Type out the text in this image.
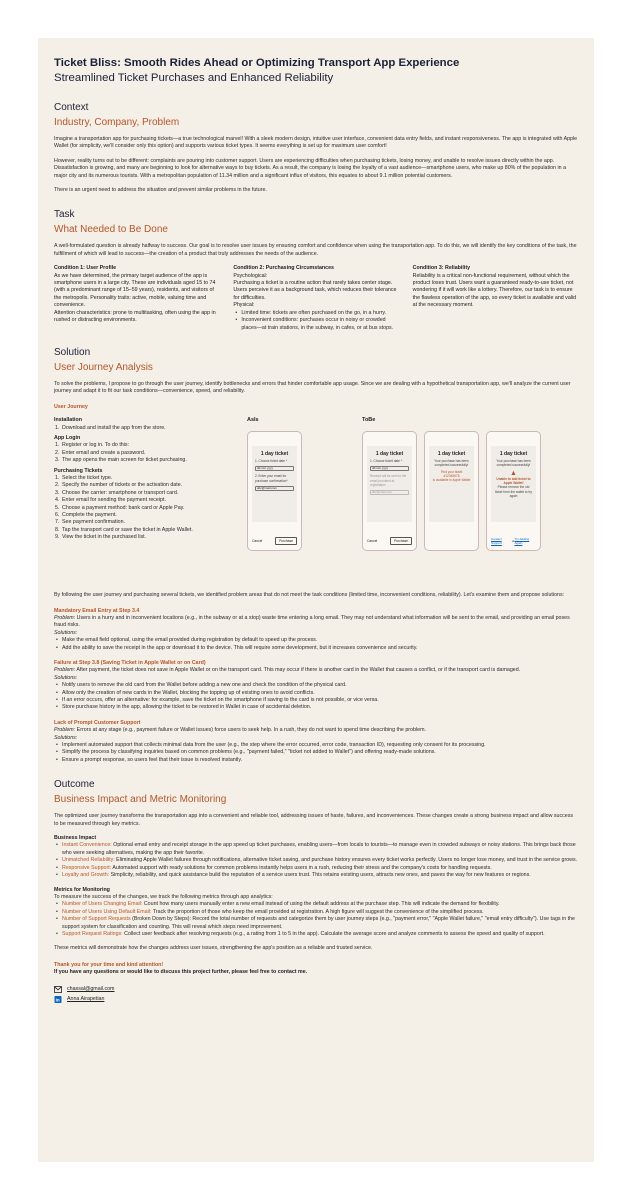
Ticket Bliss: Smooth Rides Ahead or Optimizing Transport App Experience
Streamlined Ticket Purchases and Enhanced Reliability
Context
Industry, Company, Problem
Imagine a transportation app for purchasing tickets—a true technological marvel! With a sleek modern design, intuitive user interface, convenient data entry fields, and instant responsiveness. The app is integrated with Apple Wallet (for simplicity, we'll consider only this option) and supports various ticket types. It seems everything is set up for maximum user comfort!
However, reality turns out to be different: complaints are pouring into customer support. Users are experiencing difficulties when purchasing tickets, losing money, and unable to resolve issues directly within the app. Dissatisfaction is growing, and many are beginning to look for alternative ways to buy tickets. As a result, the company is losing the loyalty of a vast audience—smartphone users, who make up 80% of the population in a major city and its numerous tourists. With a metropolitan population of 11.34 million and a significant influx of visitors, this equates to about 9.1 million potential customers.
There is an urgent need to address the situation and prevent similar problems in the future.
Task
What Needed to Be Done
A well-formulated question is already halfway to success. Our goal is to resolve user issues by ensuring comfort and confidence when using the transportation app. To do this, we will identify the key conditions of the task, the fulfillment of which will lead to success—the creation of a product that truly addresses the needs of the audience.
Condition 1: User Profile
As we have determined, the primary target audience of the app is smartphone users in a large city. These are individuals aged 15 to 74 (with a predominant range of 15–59 years), residents, and visitors of the metropolis. Personality traits: active, mobile, valuing time and convenience.
Attention characteristics: prone to multitasking, often using the app in rushed or distracting environments.
Condition 2: Purchasing Circumstances
Psychological:
Purchasing a ticket is a routine action that rarely takes center stage. Users perceive it as a background task, which reduces their tolerance for difficulties.
Physical:
• Limited time: tickets are often purchased on the go, in a hurry.
• Inconvenient conditions: purchases occur in noisy or crowded places—at train stations, in the subway, in cafes, or at bus stops.
Condition 3: Reliability
Reliability is a critical non-functional requirement, without which the product loses trust. Users want a guaranteed ready-to-use ticket, not wondering if it will work like a lottery. Therefore, our task is to ensure the flawless operation of the app, so every ticket is available and valid at the necessary moment.
Solution
User Journey Analysis
To solve the problems, I propose to go through the user journey, identify bottlenecks and errors that hinder comfortable app usage. Since we are dealing with a hypothetical transportation app, we'll analyze the current user journey and adapt it to fit our task conditions—convenience, speed, and reliability.
User Journey
Installation
1. Download and install the app from the store.
App Login
1. Register or log in. To do this:
2. Enter email and create a password.
3. The app opens the main screen for ticket purchasing.
Purchasing Tickets
1. Select the ticket type.
2. Specify the number of tickets or the activation date.
3. Choose the carrier: smartphone or transport card.
4. Enter email for sending the payment receipt.
5. Choose a payment method: bank card or Apple Pay.
6. Complete the payment.
7. See payment confirmation.
8. Tap the transport card or save the ticket in Apple Wallet.
9. View the ticket in the purchased list.
AsIs	ToBe
1 day ticket
1. Choose ticket date *
dd.mm.yyyy
2. Enter your email for purchase confirmation*
abc@mail.com
Cancel	Purchase
1 day ticket
1. Choose ticket date *
dd.mm.yyyy
Receipt will be sent to the email provided at registration
abc@mail.com
Cancel	Purchase
1 day ticket
Your purchase has been completed successfully!
Find your ticket
#12345678
is available in Apple Wallet
1 day ticket
Your purchase has been completed successfully!
▲
Unable to add ticket to Apple Wallet!
Please remove the old ticket from the wallet to try again
Contact Support	or Try Adding Again
By following the user journey and purchasing several tickets, we identified problem areas that do not meet the task conditions (limited time, inconvenient conditions, reliability). Let's examine them and propose solutions:
Mandatory Email Entry at Step 3.4
Problem: Users in a hurry and in inconvenient locations (e.g., in the subway or at a stop) waste time entering a long email. They may not understand what information will be sent to the email, and providing an email poses fraud risks.
Solutions:
• Make the email field optional, using the email provided during registration by default to speed up the process.
• Add the ability to save the receipt in the app or download it to the device. This will require some development, but it increases convenience and security.
Failure at Step 3.8 (Saving Ticket in Apple Wallet or on Card)
Problem: After payment, the ticket does not save in Apple Wallet or on the transport card. This may occur if there is another card in the Wallet that causes a conflict, or if the transport card is damaged.
Solutions:
• Notify users to remove the old card from the Wallet before adding a new one and check the condition of the physical card.
• Allow only the creation of new cards in the Wallet, blocking the topping up of existing ones to avoid conflicts.
• If an error occurs, offer an alternative: for example, save the ticket on the smartphone if saving to the card is not possible, or vice versa.
• Store purchase history in the app, allowing the ticket to be restored in Wallet in case of accidental deletion.
Lack of Prompt Customer Support
Problem: Errors at any stage (e.g., payment failure or Wallet issues) force users to seek help. In a rush, they do not want to spend time describing the problem.
Solutions:
• Implement automated support that collects minimal data from the user (e.g., the step where the error occurred, error code, transaction ID), requesting only consent for its processing.
• Simplify the process by classifying inquiries based on common problems (e.g., "payment failed," "ticket not added to Wallet") and offering ready-made solutions.
• Ensure a prompt response, so users feel that their issue is resolved instantly.
Outcome
Business Impact and Metric Monitoring
The optimized user journey transforms the transportation app into a convenient and reliable tool, addressing issues of haste, failures, and inconveniences. These changes create a strong business impact and allow success to be measured through key metrics.
Business Impact
• Instant Convenience: Optional email entry and receipt storage in the app speed up ticket purchases, enabling users—from locals to tourists—to manage even in crowded subways or noisy stations. This brings back those who were seeking alternatives, making the app their favorite.
• Unmatched Reliability: Eliminating Apple Wallet failures through notifications, alternative ticket saving, and purchase history ensures every ticket works perfectly. Users no longer lose money, and trust in the service grows.
• Responsive Support: Automated support with ready solutions for common problems instantly helps users in a rush, reducing their stress and the company's costs for handling requests.
• Loyalty and Growth: Simplicity, reliability, and quick assistance build the reputation of a service users trust. This retains existing users, attracts new ones, and paves the way for new features or regions.
Metrics for Monitoring
To measure the success of the changes, we track the following metrics through app analytics:
• Number of Users Changing Email: Count how many users manually enter a new email instead of using the default address at the purchase step. This will indicate the demand for flexibility.
• Number of Users Using Default Email: Track the proportion of those who keep the email provided at registration. A high figure will suggest the convenience of the simplified process.
• Number of Support Requests (Broken Down by Steps): Record the total number of requests and categorize them by user journey steps (e.g., "payment error," "Apple Wallet failure," "email entry difficulty"). Use tags in the support system for classification and counting. This will reveal which steps need improvement.
• Support Request Ratings: Collect user feedback after resolving requests (e.g., a rating from 1 to 5 in the app). Calculate the average score and analyze comments to assess the speed and quality of support.
These metrics will demonstrate how the changes address user issues, strengthening the app's position as a reliable and trusted service.
Thank you for your time and kind attention!
If you have any questions or would like to discuss this project further, please feel free to contact me.
chassal@gmail.com
in Anna Airapetian
